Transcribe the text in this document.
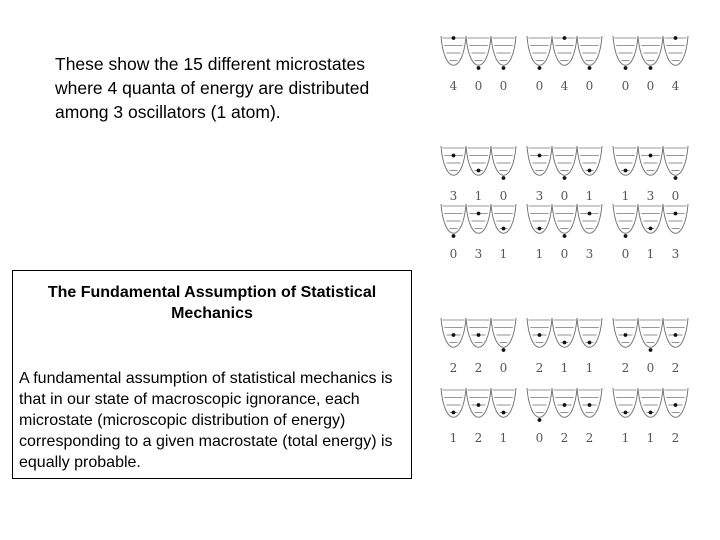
These show the 15 different microstates where 4 quanta of energy are distributed among 3 oscillators (1 atom).
The Fundamental Assumption of Statistical Mechanics
A fundamental assumption of statistical mechanics is that in our state of macroscopic ignorance, each microstate (microscopic distribution of energy) corresponding to a given macrostate (total energy) is equally probable.
4 0 0 0 4 0 0 0 4
3 1 0 3 0 1 1 3 0
0 3 1 1 0 3 0 1 3
2 2 0 2 1 1 2 0 2
1 2 1 0 2 2 1 1 2
